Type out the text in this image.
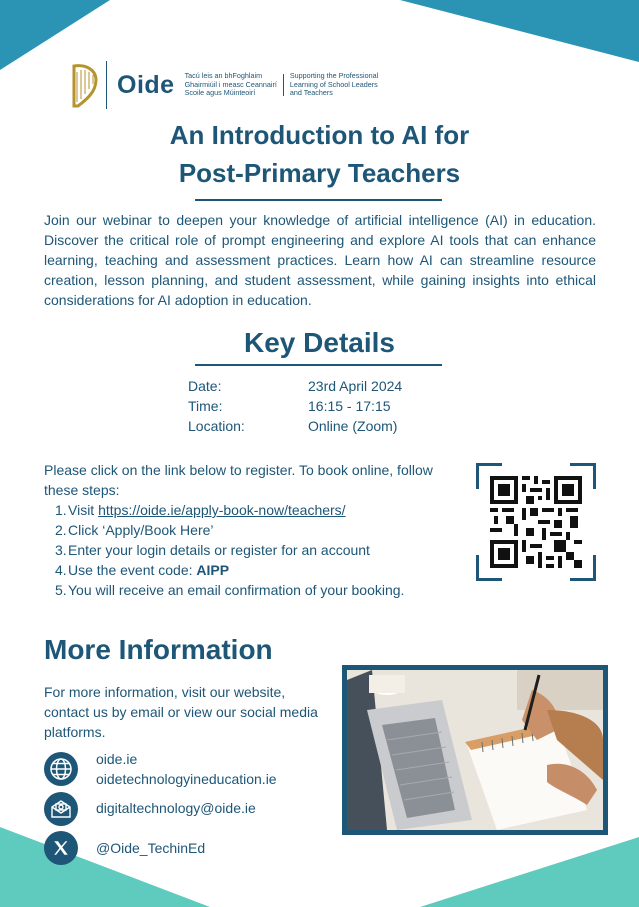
Oide Tacú leis an bhFoghlaim
Ghairmiúil i measc Ceannairí
Scoile agus Múinteoirí
Supporting the Professional
Learning of School Leaders
and Teachers
An Introduction to AI for
Post-Primary Teachers

Join our webinar to deepen your knowledge of artificial intelligence (AI) in education. Discover the critical role of prompt engineering and explore AI tools that can enhance learning, teaching and assessment practices. Learn how AI can streamline resource creation, lesson planning, and student assessment, while gaining insights into ethical considerations for AI adoption in education.

Key Details
Date:	23rd April 2024
Time:	16:15 - 17:15
Location:	Online (Zoom)

Please click on the link below to register. To book online, follow these steps:

1. Visit https://oide.ie/apply-book-now/teachers/
2. Click ‘Apply/Book Here’
3. Enter your login details or register for an account
4. Use the event code: AIPP
5. You will receive an email confirmation of your booking.
More Information

For more information, visit our website, contact us by email or view our social media platforms.

oide.ie
oidetechnologyineducation.ie
digitaltechnology@oide.ie
@Oide_TechinEd
